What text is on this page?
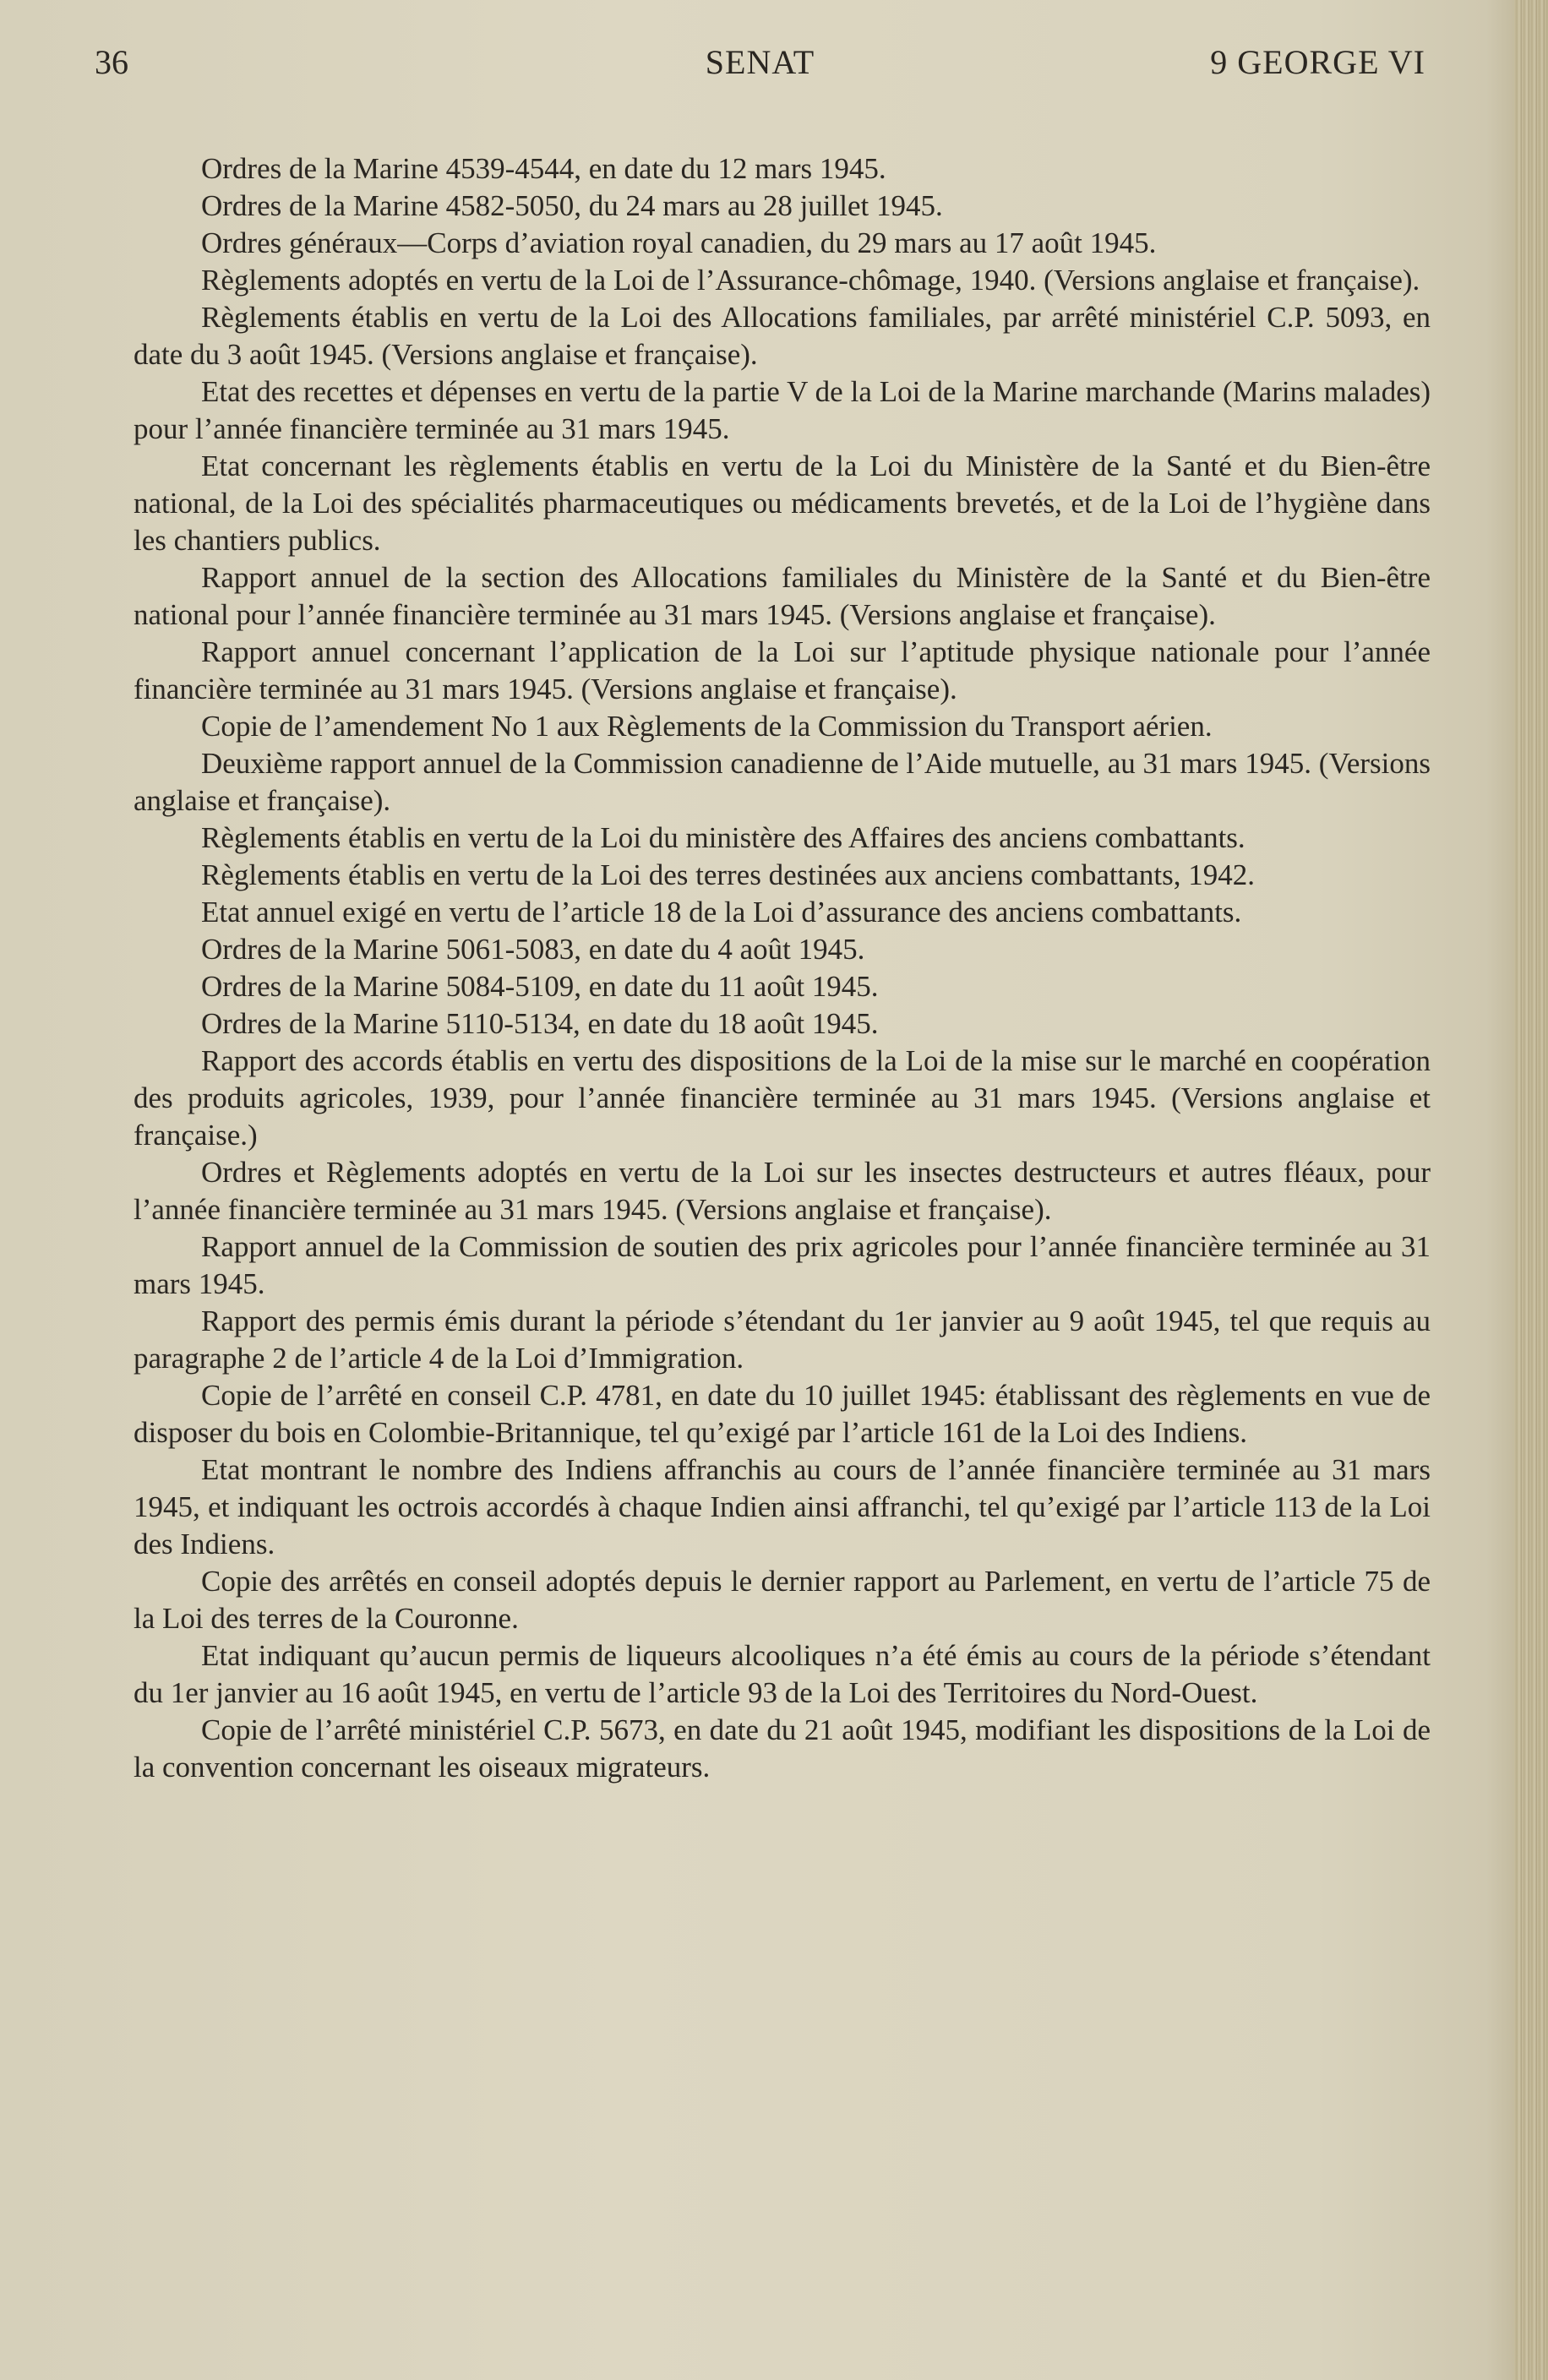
36	SENAT	9 GEORGE VI

Ordres de la Marine 4539-4544, en date du 12 mars 1945.

Ordres de la Marine 4582-5050, du 24 mars au 28 juillet 1945.

Ordres généraux—Corps d’aviation royal canadien, du 29 mars au 17 août 1945.

Règlements adoptés en vertu de la Loi de l’Assurance-chômage, 1940. (Versions anglaise et française).

Règlements établis en vertu de la Loi des Allocations familiales, par arrêté ministériel C.P. 5093, en date du 3 août 1945. (Versions anglaise et française).

Etat des recettes et dépenses en vertu de la partie V de la Loi de la Marine marchande (Marins malades) pour l’année financière terminée au 31 mars 1945.

Etat concernant les règlements établis en vertu de la Loi du Ministère de la Santé et du Bien-être national, de la Loi des spécialités pharmaceutiques ou médicaments brevetés, et de la Loi de l’hygiène dans les chantiers publics.

Rapport annuel de la section des Allocations familiales du Ministère de la Santé et du Bien-être national pour l’année financière terminée au 31 mars 1945. (Versions anglaise et française).

Rapport annuel concernant l’application de la Loi sur l’aptitude physique nationale pour l’année financière terminée au 31 mars 1945. (Versions anglaise et française).

Copie de l’amendement No 1 aux Règlements de la Commission du Transport aérien.

Deuxième rapport annuel de la Commission canadienne de l’Aide mutuelle, au 31 mars 1945. (Versions anglaise et française).

Règlements établis en vertu de la Loi du ministère des Affaires des anciens combattants.

Règlements établis en vertu de la Loi des terres destinées aux anciens combattants, 1942.

Etat annuel exigé en vertu de l’article 18 de la Loi d’assurance des anciens combattants.

Ordres de la Marine 5061-5083, en date du 4 août 1945.

Ordres de la Marine 5084-5109, en date du 11 août 1945.

Ordres de la Marine 5110-5134, en date du 18 août 1945.

Rapport des accords établis en vertu des dispositions de la Loi de la mise sur le marché en coopération des produits agricoles, 1939, pour l’année financière terminée au 31 mars 1945. (Versions anglaise et française.)

Ordres et Règlements adoptés en vertu de la Loi sur les insectes destructeurs et autres fléaux, pour l’année financière terminée au 31 mars 1945. (Versions anglaise et française).

Rapport annuel de la Commission de soutien des prix agricoles pour l’année financière terminée au 31 mars 1945.

Rapport des permis émis durant la période s’étendant du 1er janvier au 9 août 1945, tel que requis au paragraphe 2 de l’article 4 de la Loi d’Immigration.

Copie de l’arrêté en conseil C.P. 4781, en date du 10 juillet 1945: établissant des règlements en vue de disposer du bois en Colombie-Britannique, tel qu’exigé par l’article 161 de la Loi des Indiens.

Etat montrant le nombre des Indiens affranchis au cours de l’année financière terminée au 31 mars 1945, et indiquant les octrois accordés à chaque Indien ainsi affranchi, tel qu’exigé par l’article 113 de la Loi des Indiens.

Copie des arrêtés en conseil adoptés depuis le dernier rapport au Parlement, en vertu de l’article 75 de la Loi des terres de la Couronne.

Etat indiquant qu’aucun permis de liqueurs alcooliques n’a été émis au cours de la période s’étendant du 1er janvier au 16 août 1945, en vertu de l’article 93 de la Loi des Territoires du Nord-Ouest.

Copie de l’arrêté ministériel C.P. 5673, en date du 21 août 1945, modifiant les dispositions de la Loi de la convention concernant les oiseaux migrateurs.
